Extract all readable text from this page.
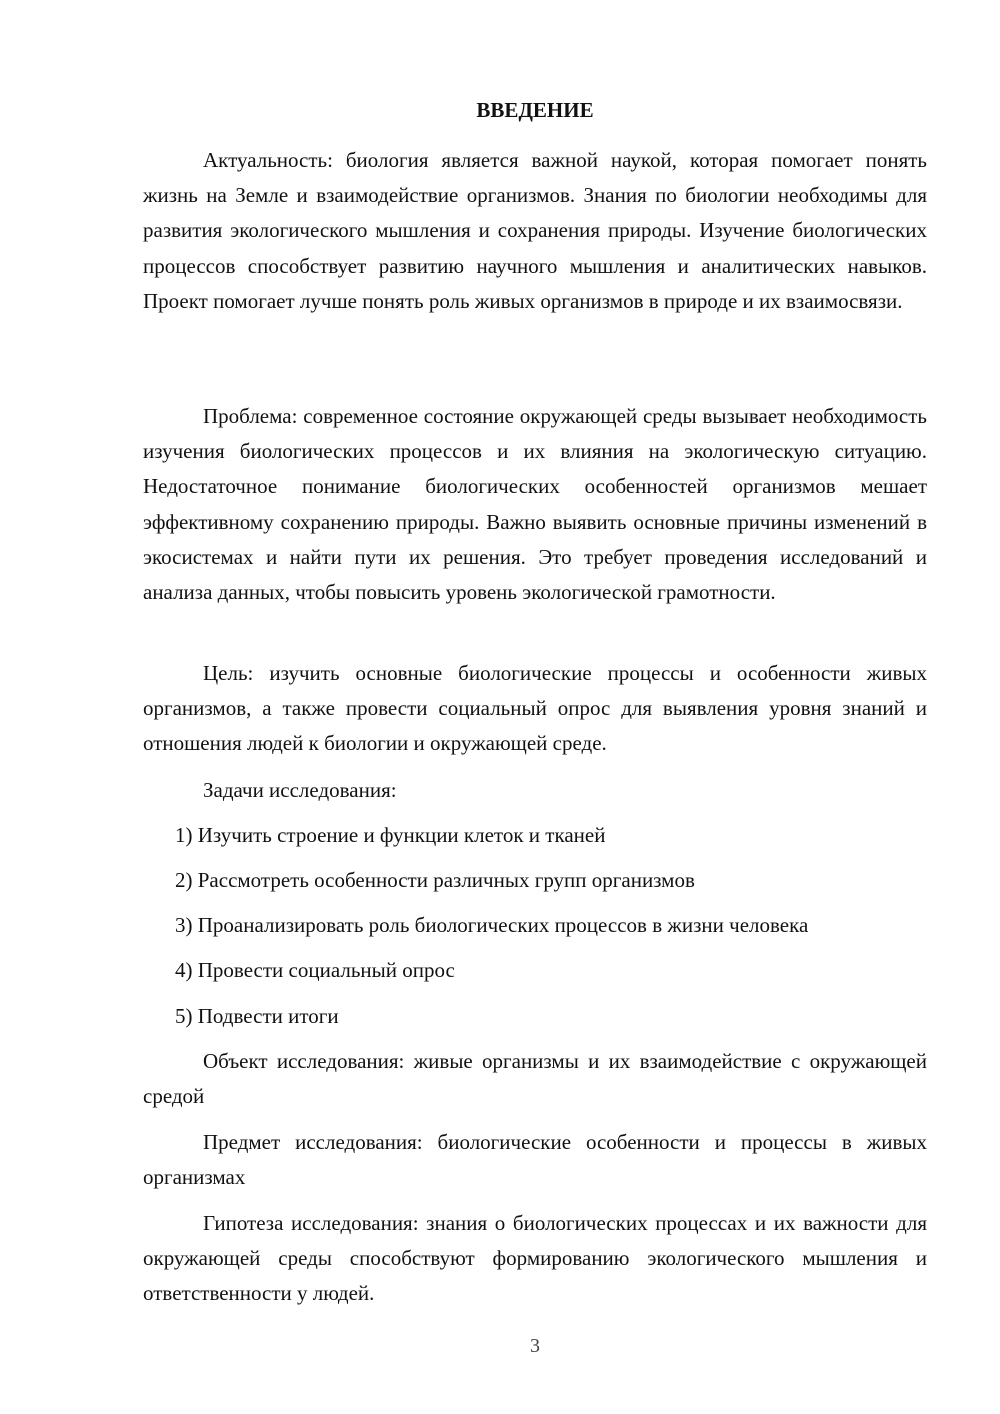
ВВЕДЕНИЕ

Актуальность: биология является важной наукой, которая помогает понять жизнь на Земле и взаимодействие организмов. Знания по биологии необходимы для развития экологического мышления и сохранения природы. Изучение биологических процессов способствует развитию научного мышления и аналитических навыков. Проект помогает лучше понять роль живых организмов в природе и их взаимосвязи.

Проблема: современное состояние окружающей среды вызывает необходимость изучения биологических процессов и их влияния на экологическую ситуацию. Недостаточное понимание биологических особенностей организмов мешает эффективному сохранению природы. Важно выявить основные причины изменений в экосистемах и найти пути их решения. Это требует проведения исследований и анализа данных, чтобы повысить уровень экологической грамотности.

Цель: изучить основные биологические процессы и особенности живых организмов, а также провести социальный опрос для выявления уровня знаний и отношения людей к биологии и окружающей среде.

Задачи исследования:

1) Изучить строение и функции клеток и тканей

2) Рассмотреть особенности различных групп организмов

3) Проанализировать роль биологических процессов в жизни человека

4) Провести социальный опрос

5) Подвести итоги

Объект исследования: живые организмы и их взаимодействие с окружающей средой

Предмет исследования: биологические особенности и процессы в живых организмах

Гипотеза исследования: знания о биологических процессах и их важности для окружающей среды способствуют формированию экологического мышления и ответственности у людей.

3
